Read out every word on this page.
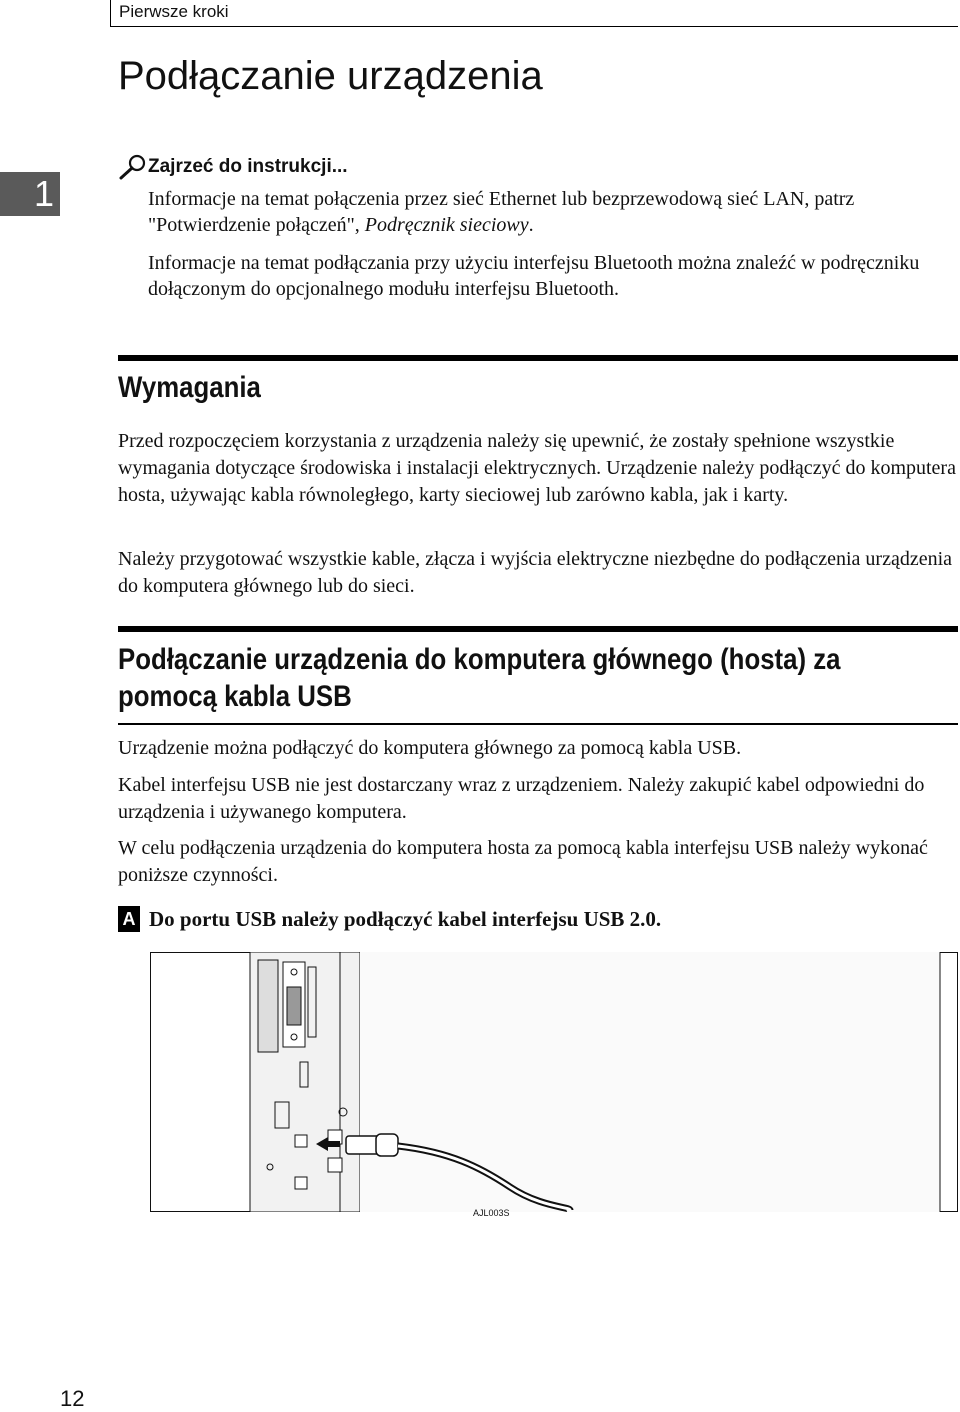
Pierwsze kroki
Podłączanie urządzenia
1
Zajrzeć do instrukcji...

Informacje na temat połączenia przez sieć Ethernet lub bezprzewodową sieć LAN, patrz "Potwierdzenie połączeń", Podręcznik sieciowy.

Informacje na temat podłączania przy użyciu interfejsu Bluetooth można znaleźć w podręczniku dołączonym do opcjonalnego modułu interfejsu Bluetooth.

Wymagania

Przed rozpoczęciem korzystania z urządzenia należy się upewnić, że zostały spełnione wszystkie wymagania dotyczące środowiska i instalacji elektrycznych. Urządzenie należy podłączyć do komputera hosta, używając kabla równoległego, karty sieciowej lub zarówno kabla, jak i karty.

Należy przygotować wszystkie kable, złącza i wyjścia elektryczne niezbędne do podłączenia urządzenia do komputera głównego lub do sieci.

Podłączanie urządzenia do komputera głównego (hosta) za
pomocą kabla USB

Urządzenie można podłączyć do komputera głównego za pomocą kabla USB.

Kabel interfejsu USB nie jest dostarczany wraz z urządzeniem. Należy zakupić kabel odpowiedni do urządzenia i używanego komputera.

W celu podłączenia urządzenia do komputera hosta za pomocą kabla interfejsu USB należy wykonać poniższe czynności.

A Do portu USB należy podłączyć kabel interfejsu USB 2.0.

AJL003S
12
